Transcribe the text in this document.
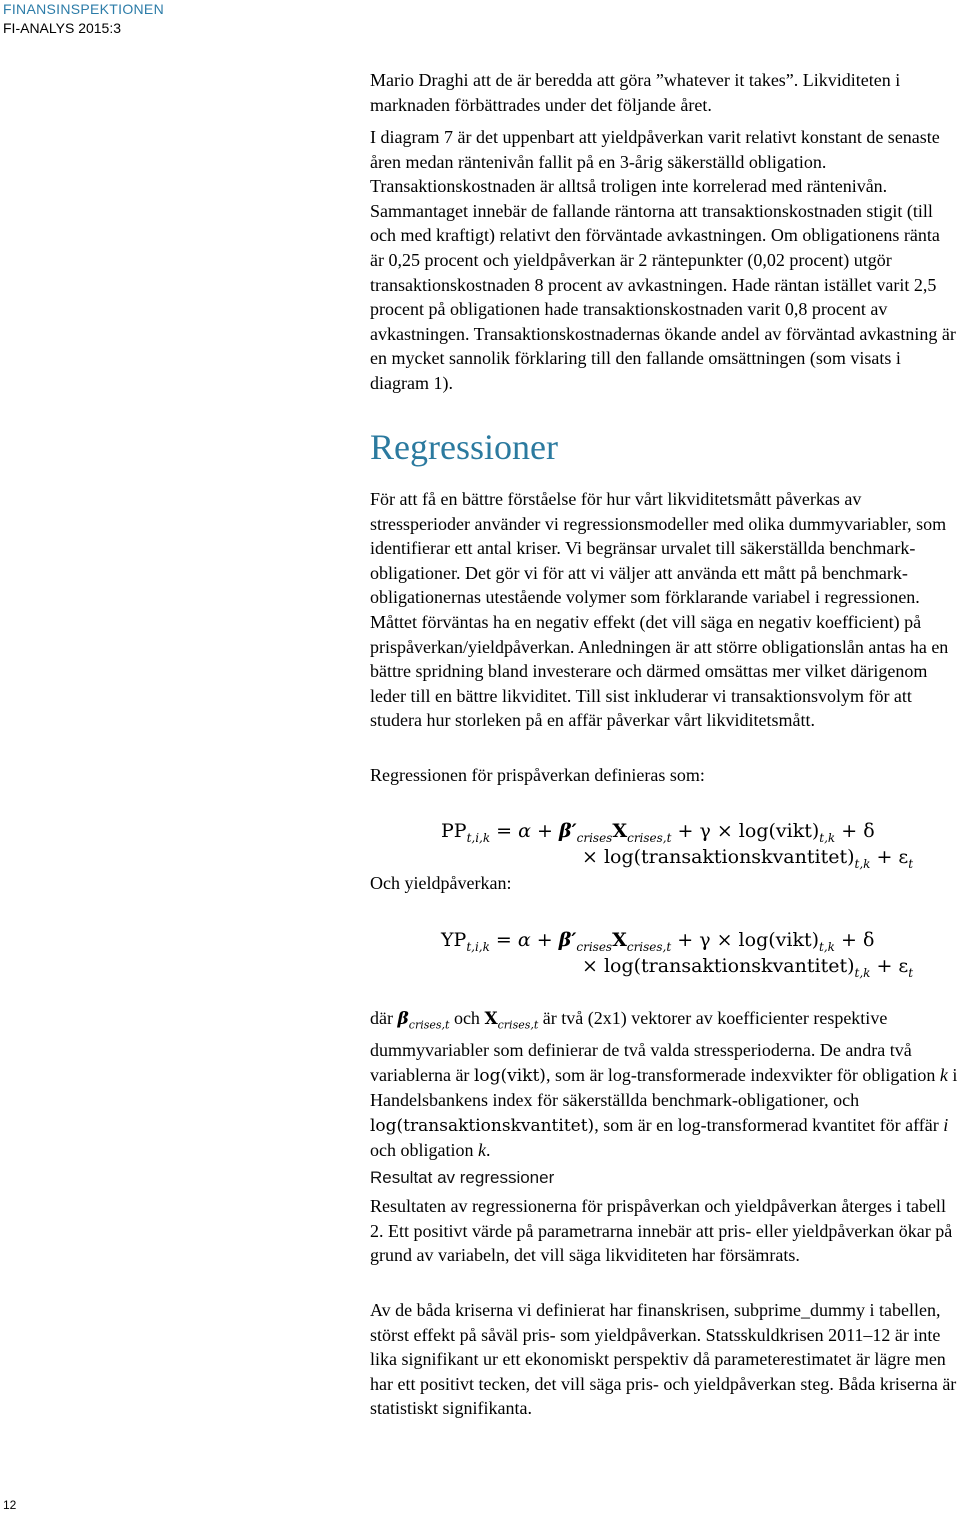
FINANSINSPEKTIONEN
FI-ANALYS 2015:3

Mario Draghi att de är beredda att göra ”whatever it takes”. Likviditeten i marknaden förbättrades under det följande året.

I diagram 7 är det uppenbart att yieldpåverkan varit relativt konstant de senaste åren medan räntenivån fallit på en 3-årig säkerställd obligation. Transaktionskostnaden är alltså troligen inte korrelerad med räntenivån. Sammantaget innebär de fallande räntorna att transaktionskostnaden stigit (till och med kraftigt) relativt den förväntade avkastningen. Om obligationens ränta är 0,25 procent och yieldpåverkan är 2 räntepunkter (0,02 procent) utgör transaktionskostnaden 8 procent av avkastningen. Hade räntan istället varit 2,5 procent på obligationen hade transaktionskostnaden varit 0,8 procent av avkastningen. Transaktionskostnadernas ökande andel av förväntad avkastning är en mycket sannolik förklaring till den fallande omsättningen (som visats i diagram 1).

Regressioner

För att få en bättre förståelse för hur vårt likviditetsmått påverkas av stressperioder använder vi regressionsmodeller med olika dummyvariabler, som identifierar ett antal kriser. Vi begränsar urvalet till säkerställda benchmark-obligationer. Det gör vi för att vi väljer att använda ett mått på benchmark-obligationernas utestående volymer som förklarande variabel i regressionen. Måttet förväntas ha en negativ effekt (det vill säga en negativ koefficient) på prispåverkan/yieldpåverkan. Anledningen är att större obligationslån antas ha en bättre spridning bland investerare och därmed omsättas mer vilket därigenom leder till en bättre likviditet. Till sist inkluderar vi transaktionsvolym för att studera hur storleken på en affär påverkar vårt likviditetsmått.

Regressionen för prispåverkan definieras som:

$PP_{t,i,k} = \alpha + \beta'_{crises}X_{crises,t} + \gamma$ × $\log(vikt)_{t,k} + \delta$
× $\log(transaktionskvantitet)_{t,k} + \varepsilon_t$
Och yieldpåverkan:
$YP_{t,i,k} = \alpha + \beta'_{crises}X_{crises,t} + \gamma$ × $\log(vikt)_{t,k} + \delta$
× $\log(transaktionskvantitet)_{t,k} + \varepsilon_t$

där $\beta_{crises,t}$ och $X_{crises,t}$ är två (2x1) vektorer av koefficienter respektive dummyvariabler som definierar de två valda stressperioderna. De andra två variablerna är log(vikt), som är log-transformerade indexvikter för obligation k i Handelsbankens index för säkerställda benchmark-obligationer, och log(transaktionskvantitet), som är en log-transformerad kvantitet för affär i och obligation k.

Resultat av regressioner

Resultaten av regressionerna för prispåverkan och yieldpåverkan återges i tabell 2. Ett positivt värde på parametrarna innebär att pris- eller yieldpåverkan ökar på grund av variabeln, det vill säga likviditeten har försämrats.

Av de båda kriserna vi definierat har finanskrisen, subprime_dummy i tabellen, störst effekt på såväl pris- som yieldpåverkan. Statsskuldkrisen 2011–12 är inte lika signifikant ur ett ekonomiskt perspektiv då parameterestimatet är lägre men har ett positivt tecken, det vill säga pris- och yieldpåverkan steg. Båda kriserna är statistiskt signifikanta.

12
